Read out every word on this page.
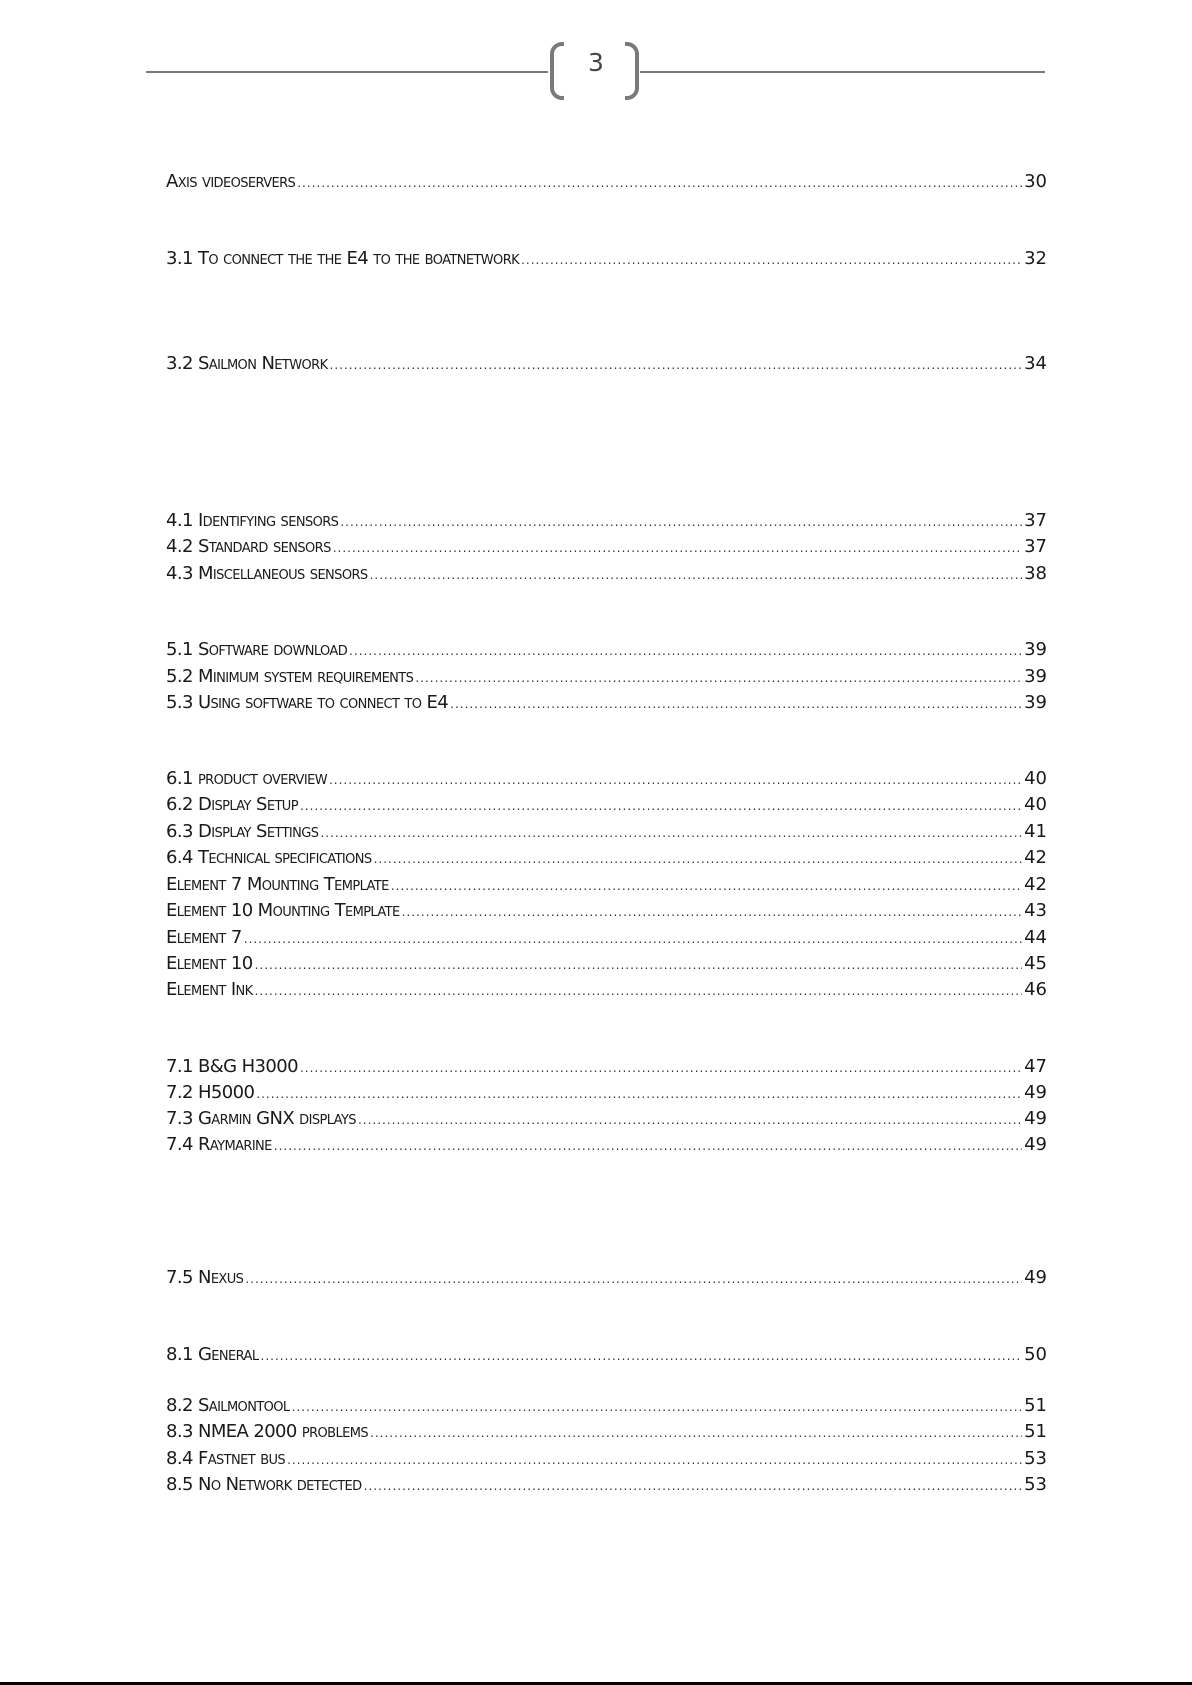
3
Axis videoservers .....	30
3.1 To connect the the E4 to the boatnetwork .....	32
3.2 Sailmon Network .....	34
4.1 Identifying sensors .....	37
4.2 Standard sensors .....	37
4.3 Miscellaneous sensors .....	38
5.1 Software download .....	39
5.2 Minimum system requirements .....	39
5.3 Using software to connect to E4 .....	39
6.1 product overview .....	40
6.2 Display Setup .....	40
6.3 Display Settings .....	41
6.4 Technical specifications .....	42
Element 7 Mounting Template .....	42
Element 10 Mounting Template .....	43
Element 7 .....	44
Element 10 .....	45
Element Ink .....	46
7.1 B&G H3000 .....	47
7.2 H5000 .....	49
7.3 Garmin GNX displays .....	49
7.4 Raymarine .....	49
7.5 Nexus .....	49
8.1 General .....	50
8.2 Sailmontool .....	51
8.3 NMEA 2000 problems .....	51
8.4 Fastnet bus .....	53
8.5 No Network detected .....	53
